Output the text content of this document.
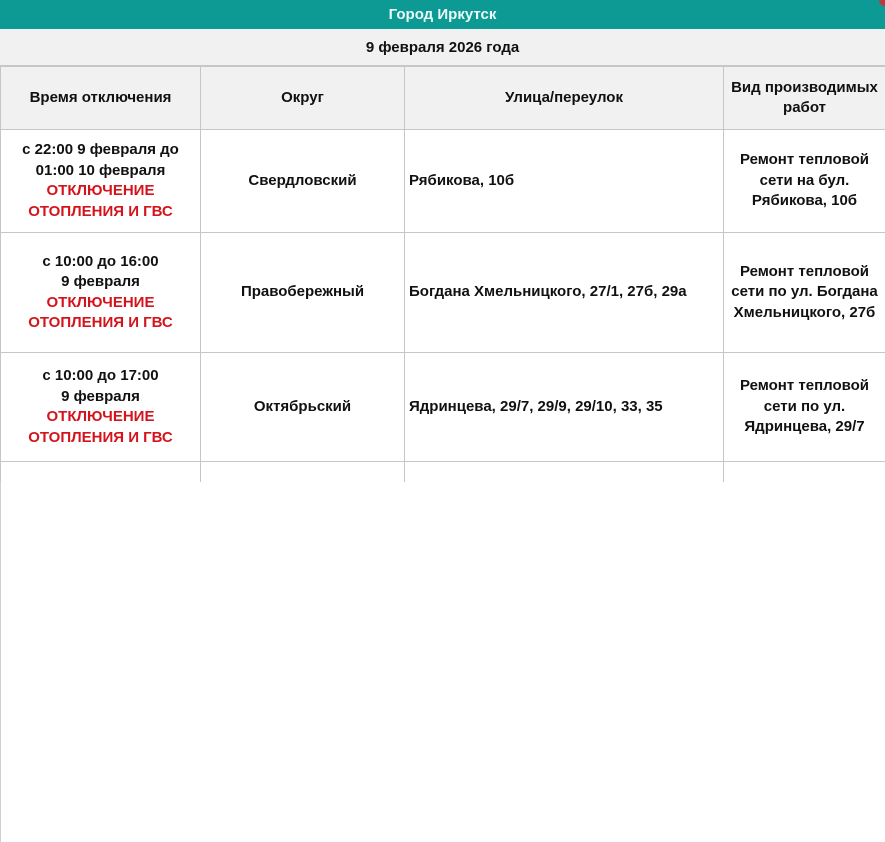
Город Иркутск
9 февраля 2026 года
Время отключения	Округ	Улица/переулок	Вид производимых работ

с 22:00 9 февраля до
01:00 10 февраля
ОТКЛЮЧЕНИЕ ОТОПЛЕНИЯ И ГВС	Свердловский	Рябикова, 10б	Ремонт тепловой сети на бул. Рябикова, 10б

с 10:00 до 16:00
9 февраля
ОТКЛЮЧЕНИЕ ОТОПЛЕНИЯ И ГВС	Правобережный	Богдана Хмельницкого, 27/1, 27б, 29а	Ремонт тепловой сети по ул. Богдана Хмельницкого, 27б

с 10:00 до 17:00
9 февраля
ОТКЛЮЧЕНИЕ ОТОПЛЕНИЯ И ГВС	Октябрьский	Ядринцева, 29/7, 29/9, 29/10, 33, 35	Ремонт тепловой сети по ул. Ядринцева, 29/7
